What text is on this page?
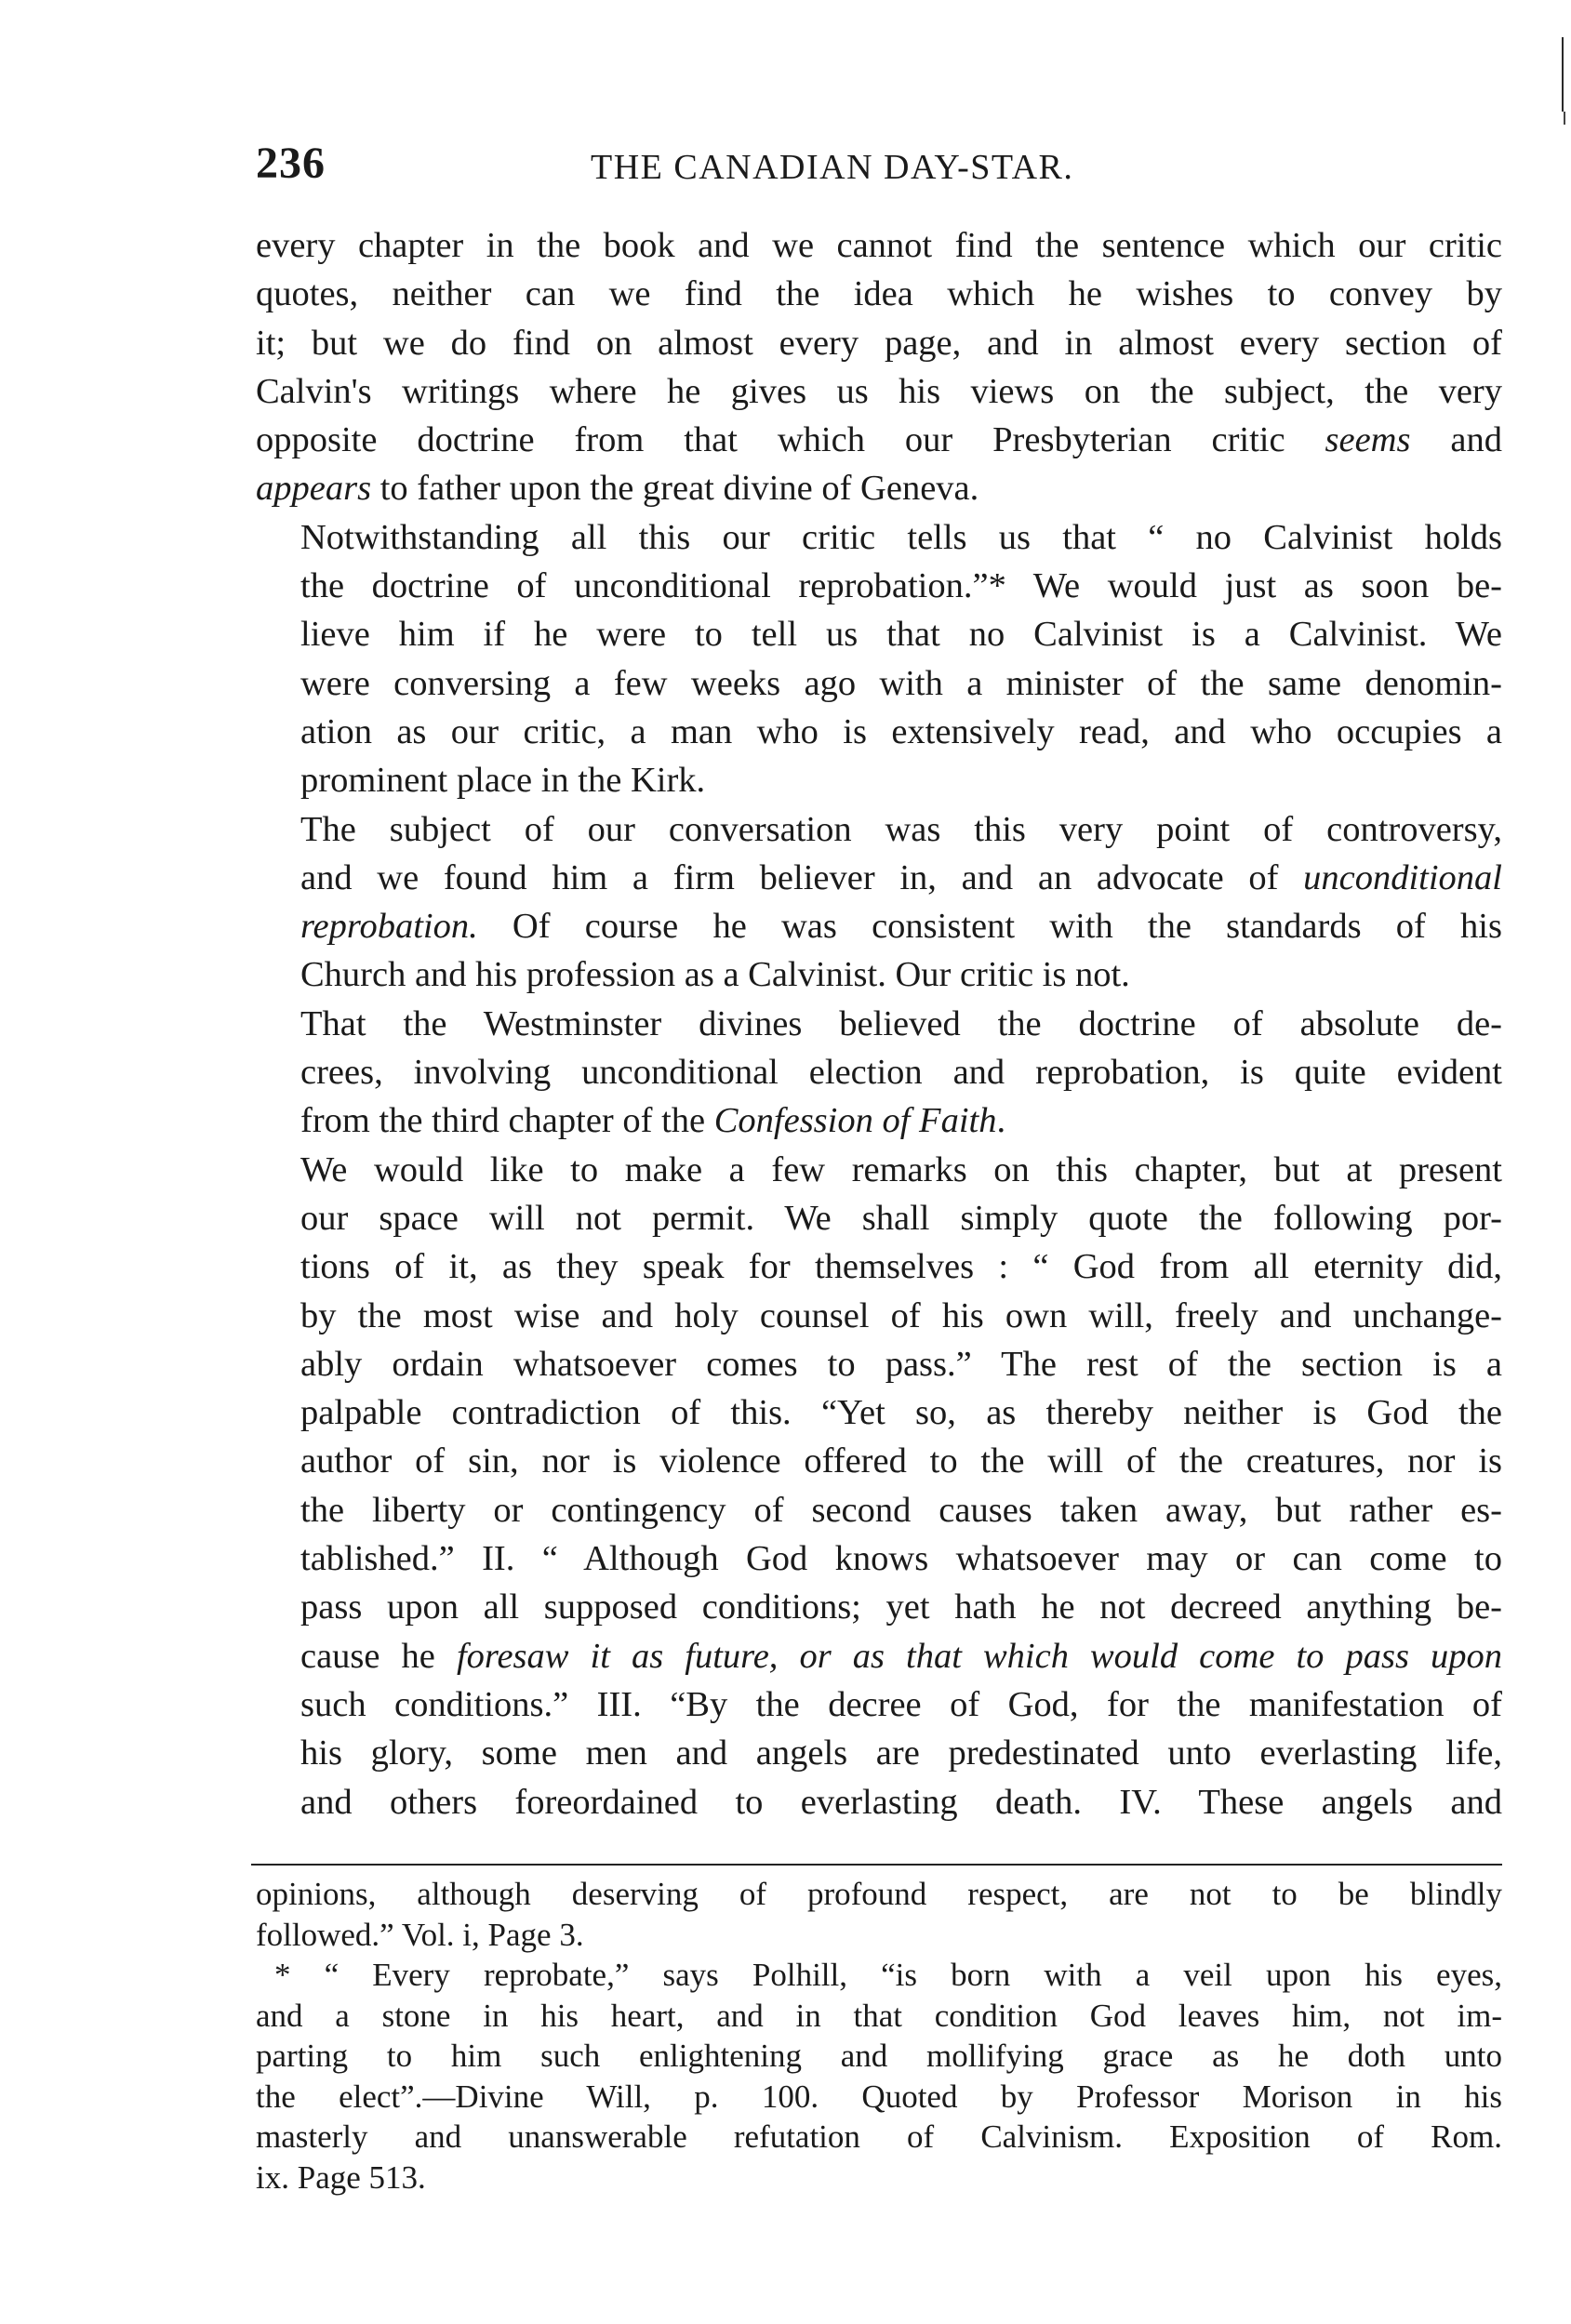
236	THE CANADIAN DAY-STAR.
every chapter in the book and we cannot find the sentence which our critic
quotes, neither can we find the idea which he wishes to convey by
it; but we do find on almost every page, and in almost every section of
Calvin's writings where he gives us his views on the subject, the very
opposite doctrine from that which our Presbyterian critic seems and
appears to father upon the great divine of Geneva.
Notwithstanding all this our critic tells us that “ no Calvinist holds
the doctrine of unconditional reprobation.”* We would just as soon be-
lieve him if he were to tell us that no Calvinist is a Calvinist. We
were conversing a few weeks ago with a minister of the same denomin-
ation as our critic, a man who is extensively read, and who occupies a
prominent place in the Kirk.
The subject of our conversation was this very point of controversy,
and we found him a firm believer in, and an advocate of unconditional
reprobation. Of course he was consistent with the standards of his
Church and his profession as a Calvinist. Our critic is not.
That the Westminster divines believed the doctrine of absolute de-
crees, involving unconditional election and reprobation, is quite evident
from the third chapter of the Confession of Faith.
We would like to make a few remarks on this chapter, but at present
our space will not permit. We shall simply quote the following por-
tions of it, as they speak for themselves : “ God from all eternity did,
by the most wise and holy counsel of his own will, freely and unchange-
ably ordain whatsoever comes to pass.” The rest of the section is a
palpable contradiction of this. “Yet so, as thereby neither is God the
author of sin, nor is violence offered to the will of the creatures, nor is
the liberty or contingency of second causes taken away, but rather es-
tablished.” II. “ Although God knows whatsoever may or can come to
pass upon all supposed conditions; yet hath he not decreed anything be-
cause he foresaw it as future, or as that which would come to pass upon
such conditions.” III. “By the decree of God, for the manifestation of
his glory, some men and angels are predestinated unto everlasting life,
and others foreordained to everlasting death. IV. These angels and
opinions, although deserving of profound respect, are not to be blindly
followed.” Vol. i, Page 3.
* “ Every reprobate,” says Polhill, “is born with a veil upon his eyes,
and a stone in his heart, and in that condition God leaves him, not im-
parting to him such enlightening and mollifying grace as he doth unto
the elect”.—Divine Will, p. 100. Quoted by Professor Morison in his
masterly and unanswerable refutation of Calvinism. Exposition of Rom.
ix. Page 513.
